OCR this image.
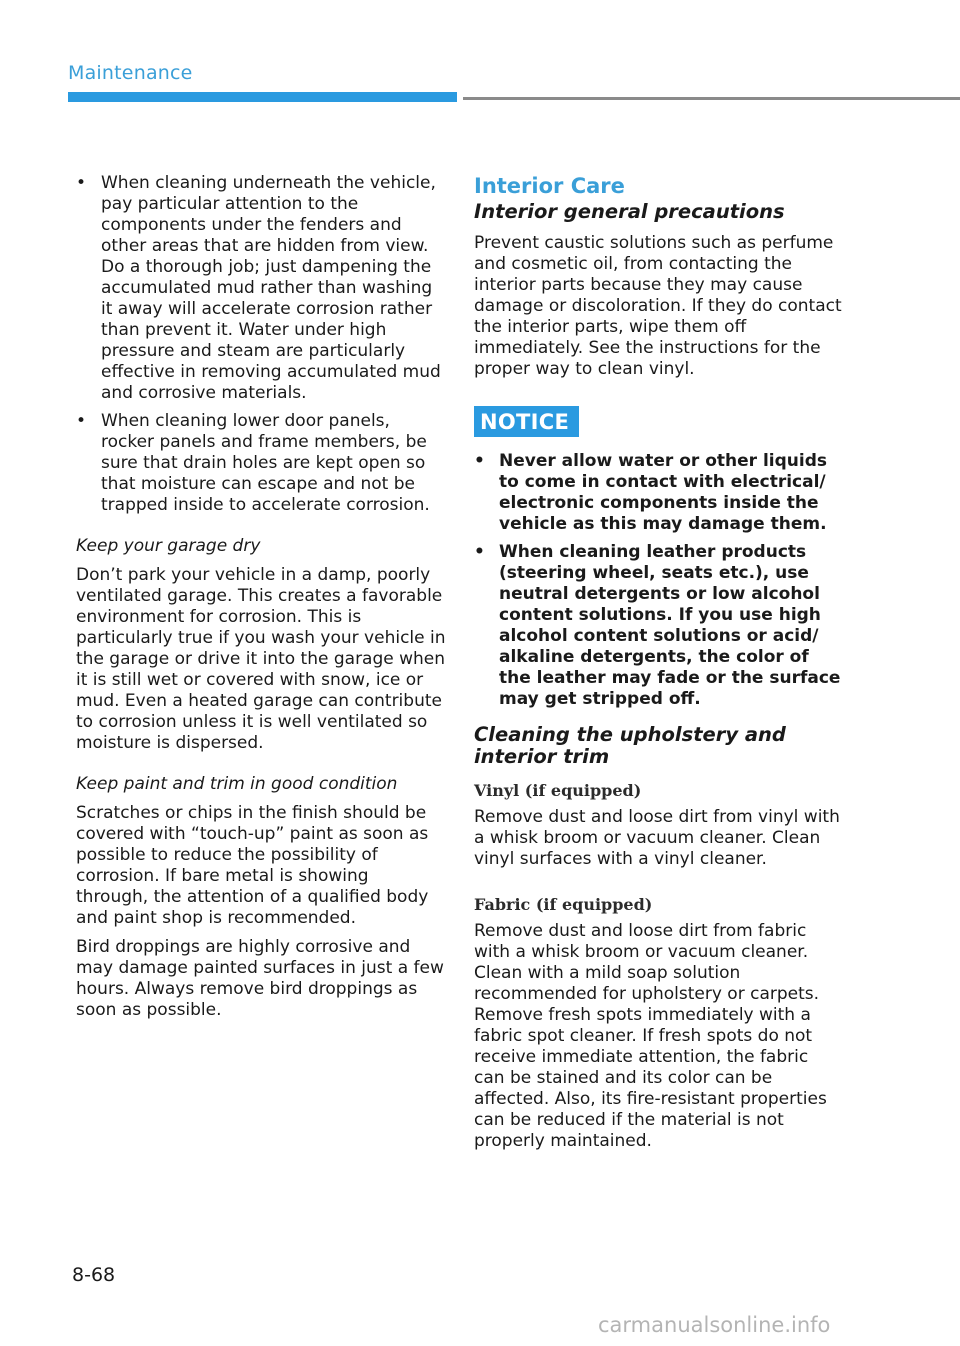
Maintenance
• When cleaning underneath the vehicle, pay particular attention to the components under the fenders and other areas that are hidden from view. Do a thorough job; just dampening the accumulated mud rather than washing it away will accelerate corrosion rather than prevent it. Water under high pressure and steam are particularly effective in removing accumulated mud and corrosive materials.
• When cleaning lower door panels, rocker panels and frame members, be sure that drain holes are kept open so that moisture can escape and not be trapped inside to accelerate corrosion.

Keep your garage dry

Don’t park your vehicle in a damp, poorly ventilated garage. This creates a favorable environment for corrosion. This is particularly true if you wash your vehicle in the garage or drive it into the garage when it is still wet or covered with snow, ice or mud. Even a heated garage can contribute to corrosion unless it is well ventilated so moisture is dispersed.

Keep paint and trim in good condition

Scratches or chips in the finish should be covered with “touch-up” paint as soon as possible to reduce the possibility of corrosion. If bare metal is showing through, the attention of a qualified body and paint shop is recommended.

Bird droppings are highly corrosive and may damage painted surfaces in just a few hours. Always remove bird droppings as soon as possible.

Interior Care
Interior general precautions

Prevent caustic solutions such as perfume and cosmetic oil, from contacting the interior parts because they may cause damage or discoloration. If they do contact the interior parts, wipe them off immediately. See the instructions for the proper way to clean vinyl.

NOTICE
• Never allow water or other liquids to come in contact with electrical/ electronic components inside the vehicle as this may damage them.
• When cleaning leather products (steering wheel, seats etc.), use neutral detergents or low alcohol content solutions. If you use high alcohol content solutions or acid/ alkaline detergents, the color of the leather may fade or the surface may get stripped off.
Cleaning the upholstery and interior trim
Vinyl (if equipped)

Remove dust and loose dirt from vinyl with a whisk broom or vacuum cleaner. Clean vinyl surfaces with a vinyl cleaner.

Fabric (if equipped)

Remove dust and loose dirt from fabric with a whisk broom or vacuum cleaner. Clean with a mild soap solution recommended for upholstery or carpets. Remove fresh spots immediately with a fabric spot cleaner. If fresh spots do not receive immediate attention, the fabric can be stained and its color can be affected. Also, its fire-resistant properties can be reduced if the material is not properly maintained.

8-68
carmanualsonline.info
